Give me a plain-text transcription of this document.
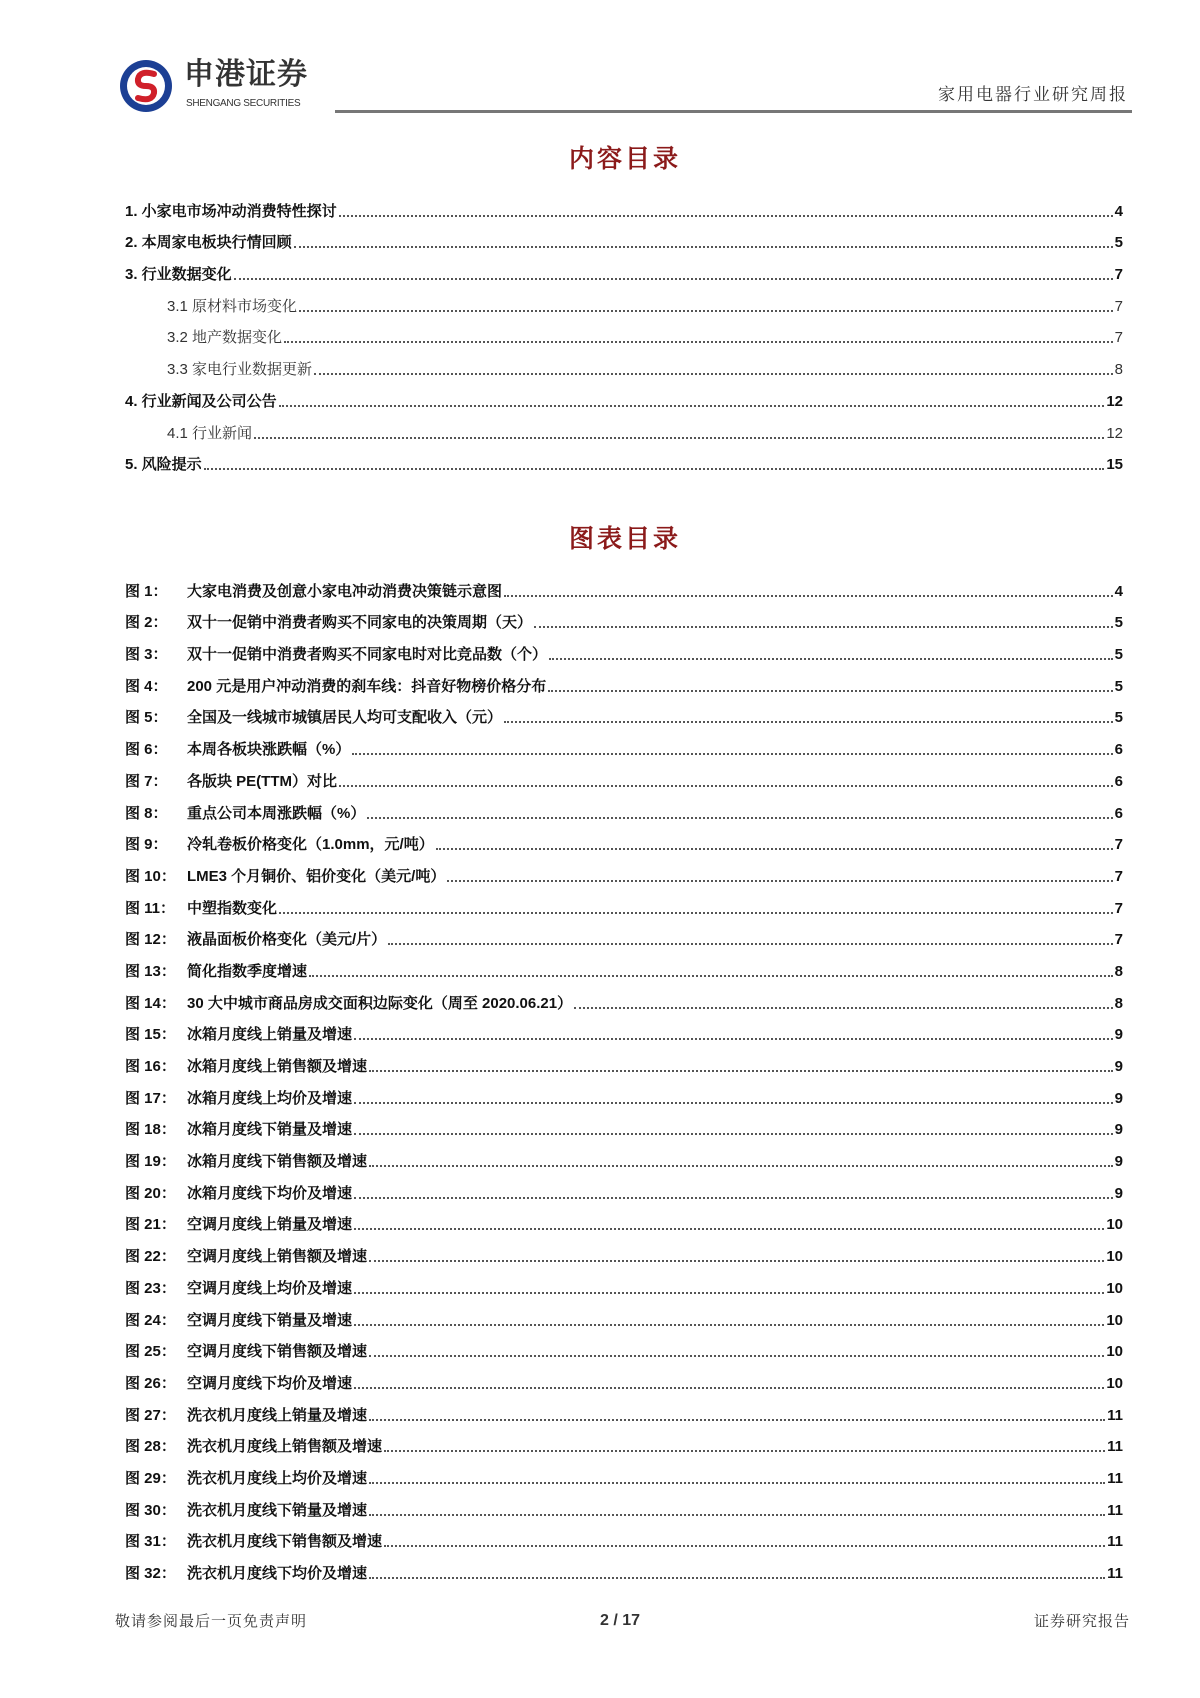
申港证券
SHENGANG SECURITIES	家用电器行业研究周报
内容目录
1. 小家电市场冲动消费特性探讨	4
2. 本周家电板块行情回顾	5
3. 行业数据变化	7
3.1 原材料市场变化	7
3.2 地产数据变化	7
3.3 家电行业数据更新	8
4. 行业新闻及公司公告	12
4.1 行业新闻	12
5. 风险提示	15
图表目录
图 1： 大家电消费及创意小家电冲动消费决策链示意图	4
图 2： 双十一促销中消费者购买不同家电的决策周期（天）	5
图 3： 双十一促销中消费者购买不同家电时对比竞品数（个）	5
图 4： 200 元是用户冲动消费的刹车线：抖音好物榜价格分布	5
图 5： 全国及一线城市城镇居民人均可支配收入（元）	5
图 6： 本周各板块涨跌幅（%）	6
图 7： 各版块 PE(TTM）对比	6
图 8： 重点公司本周涨跌幅（%）	6
图 9： 冷轧卷板价格变化（1.0mm，元/吨）	7
图 10： LME3 个月铜价、铝价变化（美元/吨）	7
图 11： 中塑指数变化	7
图 12： 液晶面板价格变化（美元/片）	7
图 13： 简化指数季度增速	8
图 14： 30 大中城市商品房成交面积边际变化（周至 2020.06.21）	8
图 15： 冰箱月度线上销量及增速	9
图 16： 冰箱月度线上销售额及增速	9
图 17： 冰箱月度线上均价及增速	9
图 18： 冰箱月度线下销量及增速	9
图 19： 冰箱月度线下销售额及增速	9
图 20： 冰箱月度线下均价及增速	9
图 21： 空调月度线上销量及增速	10
图 22： 空调月度线上销售额及增速	10
图 23： 空调月度线上均价及增速	10
图 24： 空调月度线下销量及增速	10
图 25： 空调月度线下销售额及增速	10
图 26： 空调月度线下均价及增速	10
图 27： 洗衣机月度线上销量及增速	11
图 28： 洗衣机月度线上销售额及增速	11
图 29： 洗衣机月度线上均价及增速	11
图 30： 洗衣机月度线下销量及增速	11
图 31： 洗衣机月度线下销售额及增速	11
图 32： 洗衣机月度线下均价及增速	11
敬请参阅最后一页免责声明	2 / 17	证券研究报告
